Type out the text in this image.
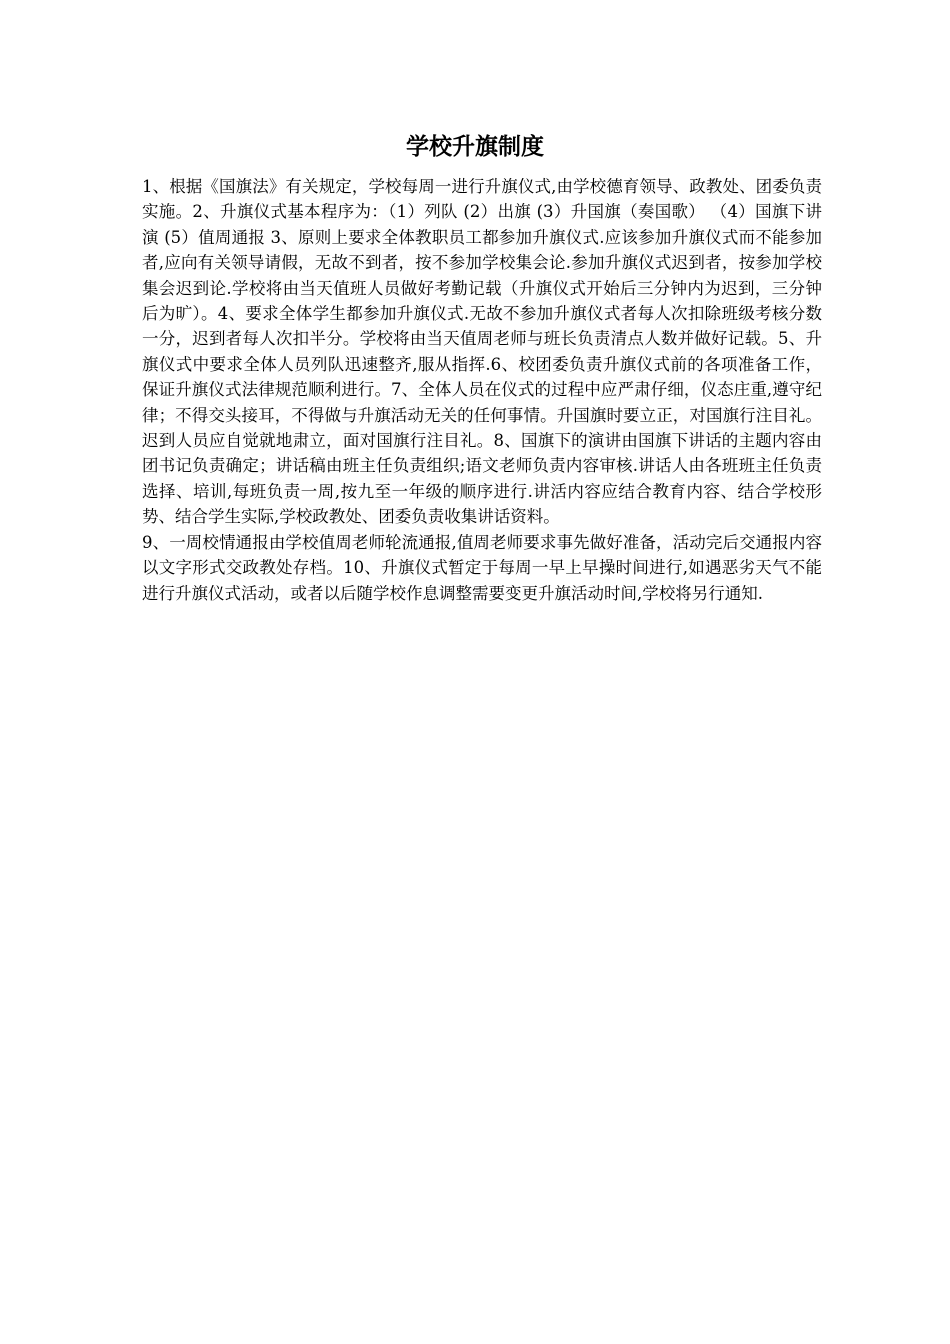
学校升旗制度

1、根据《国旗法》有关规定，学校每周一进行升旗仪式,由学校德育领导、政教处、团委负责实施。2、升旗仪式基本程序为：（1）列队 (2）出旗 (3）升国旗（奏国歌） （4）国旗下讲演 (5）值周通报 3、原则上要求全体教职员工都参加升旗仪式.应该参加升旗仪式而不能参加者,应向有关领导请假，无故不到者，按不参加学校集会论.参加升旗仪式迟到者，按参加学校集会迟到论.学校将由当天值班人员做好考勤记载（升旗仪式开始后三分钟内为迟到，三分钟后为旷）。4、要求全体学生都参加升旗仪式.无故不参加升旗仪式者每人次扣除班级考核分数一分，迟到者每人次扣半分。学校将由当天值周老师与班长负责清点人数并做好记载。5、升旗仪式中要求全体人员列队迅速整齐,服从指挥.6、校团委负责升旗仪式前的各项准备工作，保证升旗仪式法律规范顺利进行。7、全体人员在仪式的过程中应严肃仔细，仪态庄重,遵守纪律；不得交头接耳，不得做与升旗活动无关的任何事情。升国旗时要立正，对国旗行注目礼。迟到人员应自觉就地肃立，面对国旗行注目礼。8、国旗下的演讲由国旗下讲话的主题内容由团书记负责确定；讲话稿由班主任负责组织;语文老师负责内容审核.讲话人由各班班主任负责选择、培训,每班负责一周,按九至一年级的顺序进行.讲活内容应结合教育内容、结合学校形势、结合学生实际,学校政教处、团委负责收集讲话资料。

9、一周校情通报由学校值周老师轮流通报,值周老师要求事先做好准备，活动完后交通报内容以文字形式交政教处存档。10、升旗仪式暂定于每周一早上早操时间进行,如遇恶劣天气不能进行升旗仪式活动，或者以后随学校作息调整需要变更升旗活动时间,学校将另行通知.
